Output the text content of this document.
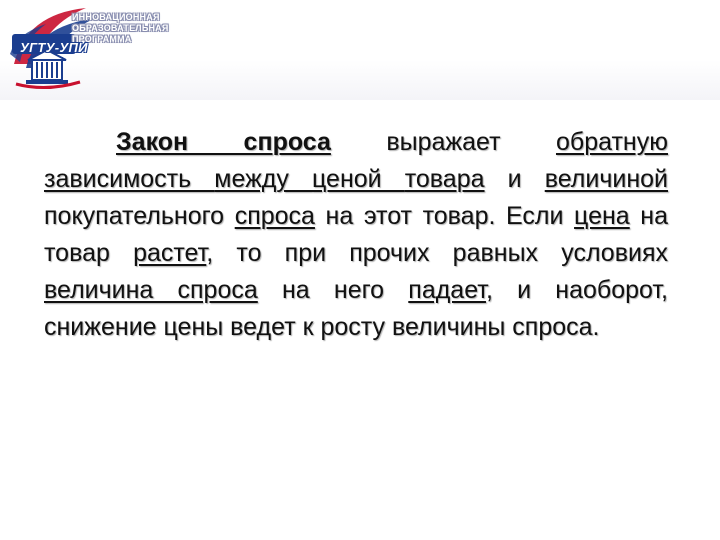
ИННОВАЦИОННАЯ
ОБРАЗОВАТЕЛЬНАЯ
ПРОГРАММА
УГТУ-УПИ
Закон спроса выражает обратную зависимость между ценой товара и величиной покупательного спроса на этот товар. Если цена на товар растет, то при прочих равных условиях величина спроса на него падает, и наоборот, снижение цены ведет к росту величины спроса.
